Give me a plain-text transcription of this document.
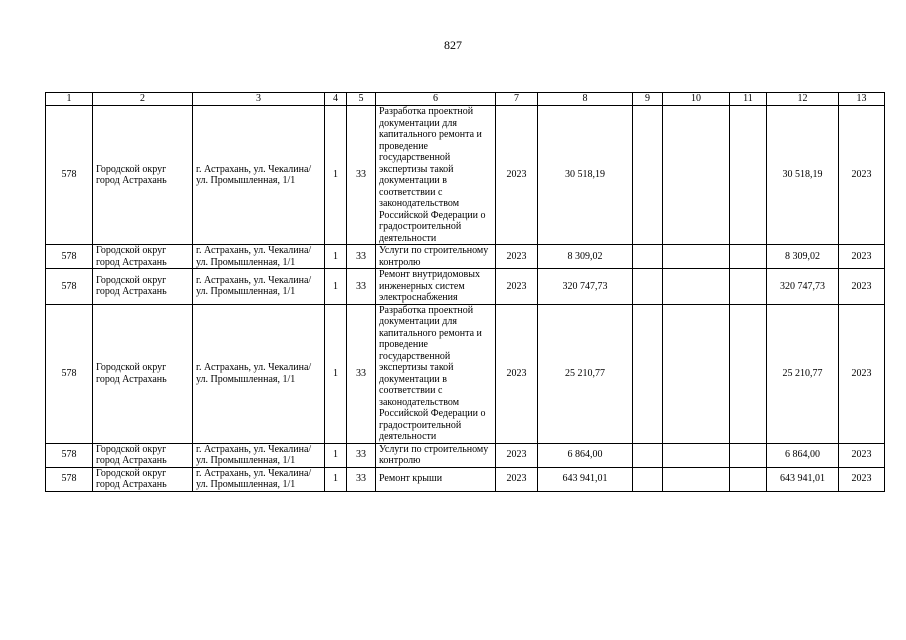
827
1	2	3	4	5	6	7	8	9	10	11	12	13
578	Городской округ город Астрахань	г. Астрахань, ул. Чекалина/ ул. Промышленная, 1/1	1	33	Разработка проектной документации для капитального ремонта и проведение государственной экспертизы такой документации в соответствии с законодательством Российской Федерации о градостроительной деятельности	2023	30 518,19				30 518,19	2023
578	Городской округ город Астрахань	г. Астрахань, ул. Чекалина/ ул. Промышленная, 1/1	1	33	Услуги по строительному контролю	2023	8 309,02				8 309,02	2023
578	Городской округ город Астрахань	г. Астрахань, ул. Чекалина/ ул. Промышленная, 1/1	1	33	Ремонт внутридомовых инженерных систем электроснабжения	2023	320 747,73				320 747,73	2023
578	Городской округ город Астрахань	г. Астрахань, ул. Чекалина/ ул. Промышленная, 1/1	1	33	Разработка проектной документации для капитального ремонта и проведение государственной экспертизы такой документации в соответствии с законодательством Российской Федерации о градостроительной деятельности	2023	25 210,77				25 210,77	2023
578	Городской округ город Астрахань	г. Астрахань, ул. Чекалина/ ул. Промышленная, 1/1	1	33	Услуги по строительному контролю	2023	6 864,00				6 864,00	2023
578	Городской округ город Астрахань	г. Астрахань, ул. Чекалина/ ул. Промышленная, 1/1	1	33	Ремонт крыши	2023	643 941,01				643 941,01	2023
